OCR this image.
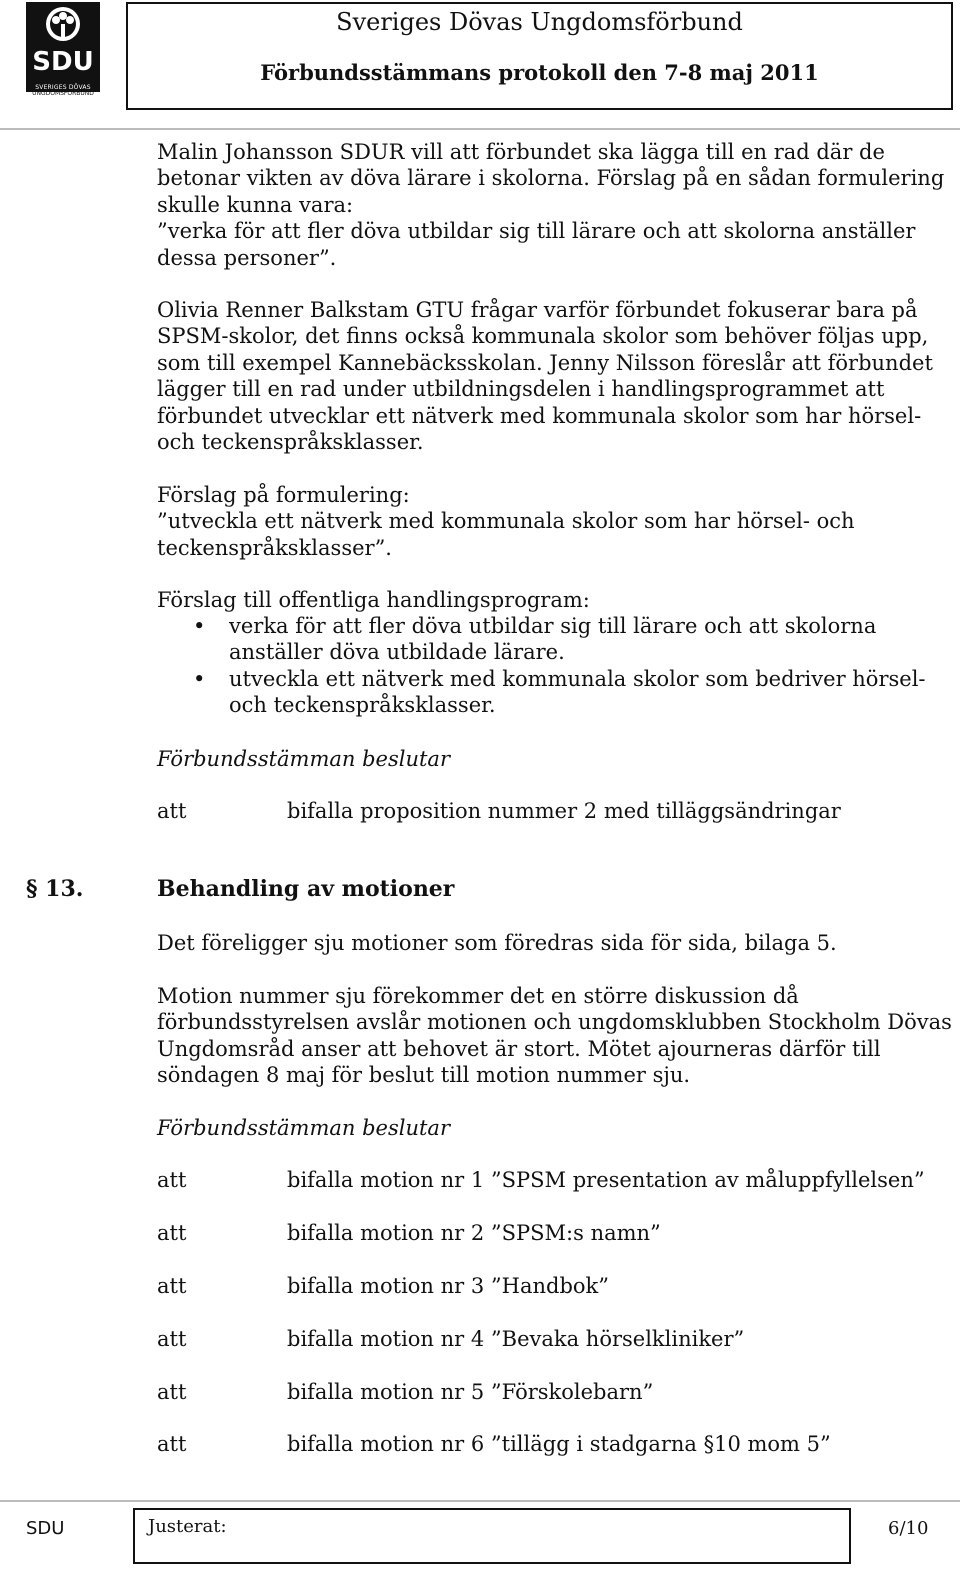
SDU
SVERIGES DÖVAS
UNGDOMSFÖRBUND
Sveriges Dövas Ungdomsförbund
Förbundsstämmans protokoll den 7-8 maj 2011

Malin Johansson SDUR vill att förbundet ska lägga till en rad där de

betonar vikten av döva lärare i skolorna. Förslag på en sådan formulering

skulle kunna vara:

”verka för att fler döva utbildar sig till lärare och att skolorna anställer

dessa personer”.

Olivia Renner Balkstam GTU frågar varför förbundet fokuserar bara på

SPSM-skolor, det finns också kommunala skolor som behöver följas upp,

som till exempel Kannebäcksskolan. Jenny Nilsson föreslår att förbundet

lägger till en rad under utbildningsdelen i handlingsprogrammet att

förbundet utvecklar ett nätverk med kommunala skolor som har hörsel-

och teckenspråksklasser.

Förslag på formulering:

”utveckla ett nätverk med kommunala skolor som har hörsel- och

teckenspråksklasser”.

Förslag till offentliga handlingsprogram:

• verka för att fler döva utbildar sig till lärare och att skolorna
anställer döva utbildade lärare.
• utveckla ett nätverk med kommunala skolor som bedriver hörsel-
och teckenspråksklasser.
Förbundsstämman beslutar
att	bifalla proposition nummer 2 med tilläggsändringar
§ 13.	Behandling av motioner

Det föreligger sju motioner som föredras sida för sida, bilaga 5.

Motion nummer sju förekommer det en större diskussion då

förbundsstyrelsen avslår motionen och ungdomsklubben Stockholm Dövas

Ungdomsråd anser att behovet är stort. Mötet ajourneras därför till

söndagen 8 maj för beslut till motion nummer sju.

Förbundsstämman beslutar
att	bifalla motion nr 1 ”SPSM presentation av måluppfyllelsen”
att	bifalla motion nr 2 ”SPSM:s namn”
att	bifalla motion nr 3 ”Handbok”
att	bifalla motion nr 4 ”Bevaka hörselkliniker”
att	bifalla motion nr 5 ”Förskolebarn”
att	bifalla motion nr 6 ”tillägg i stadgarna §10 mom 5”
SDU	Justerat:	6/10
